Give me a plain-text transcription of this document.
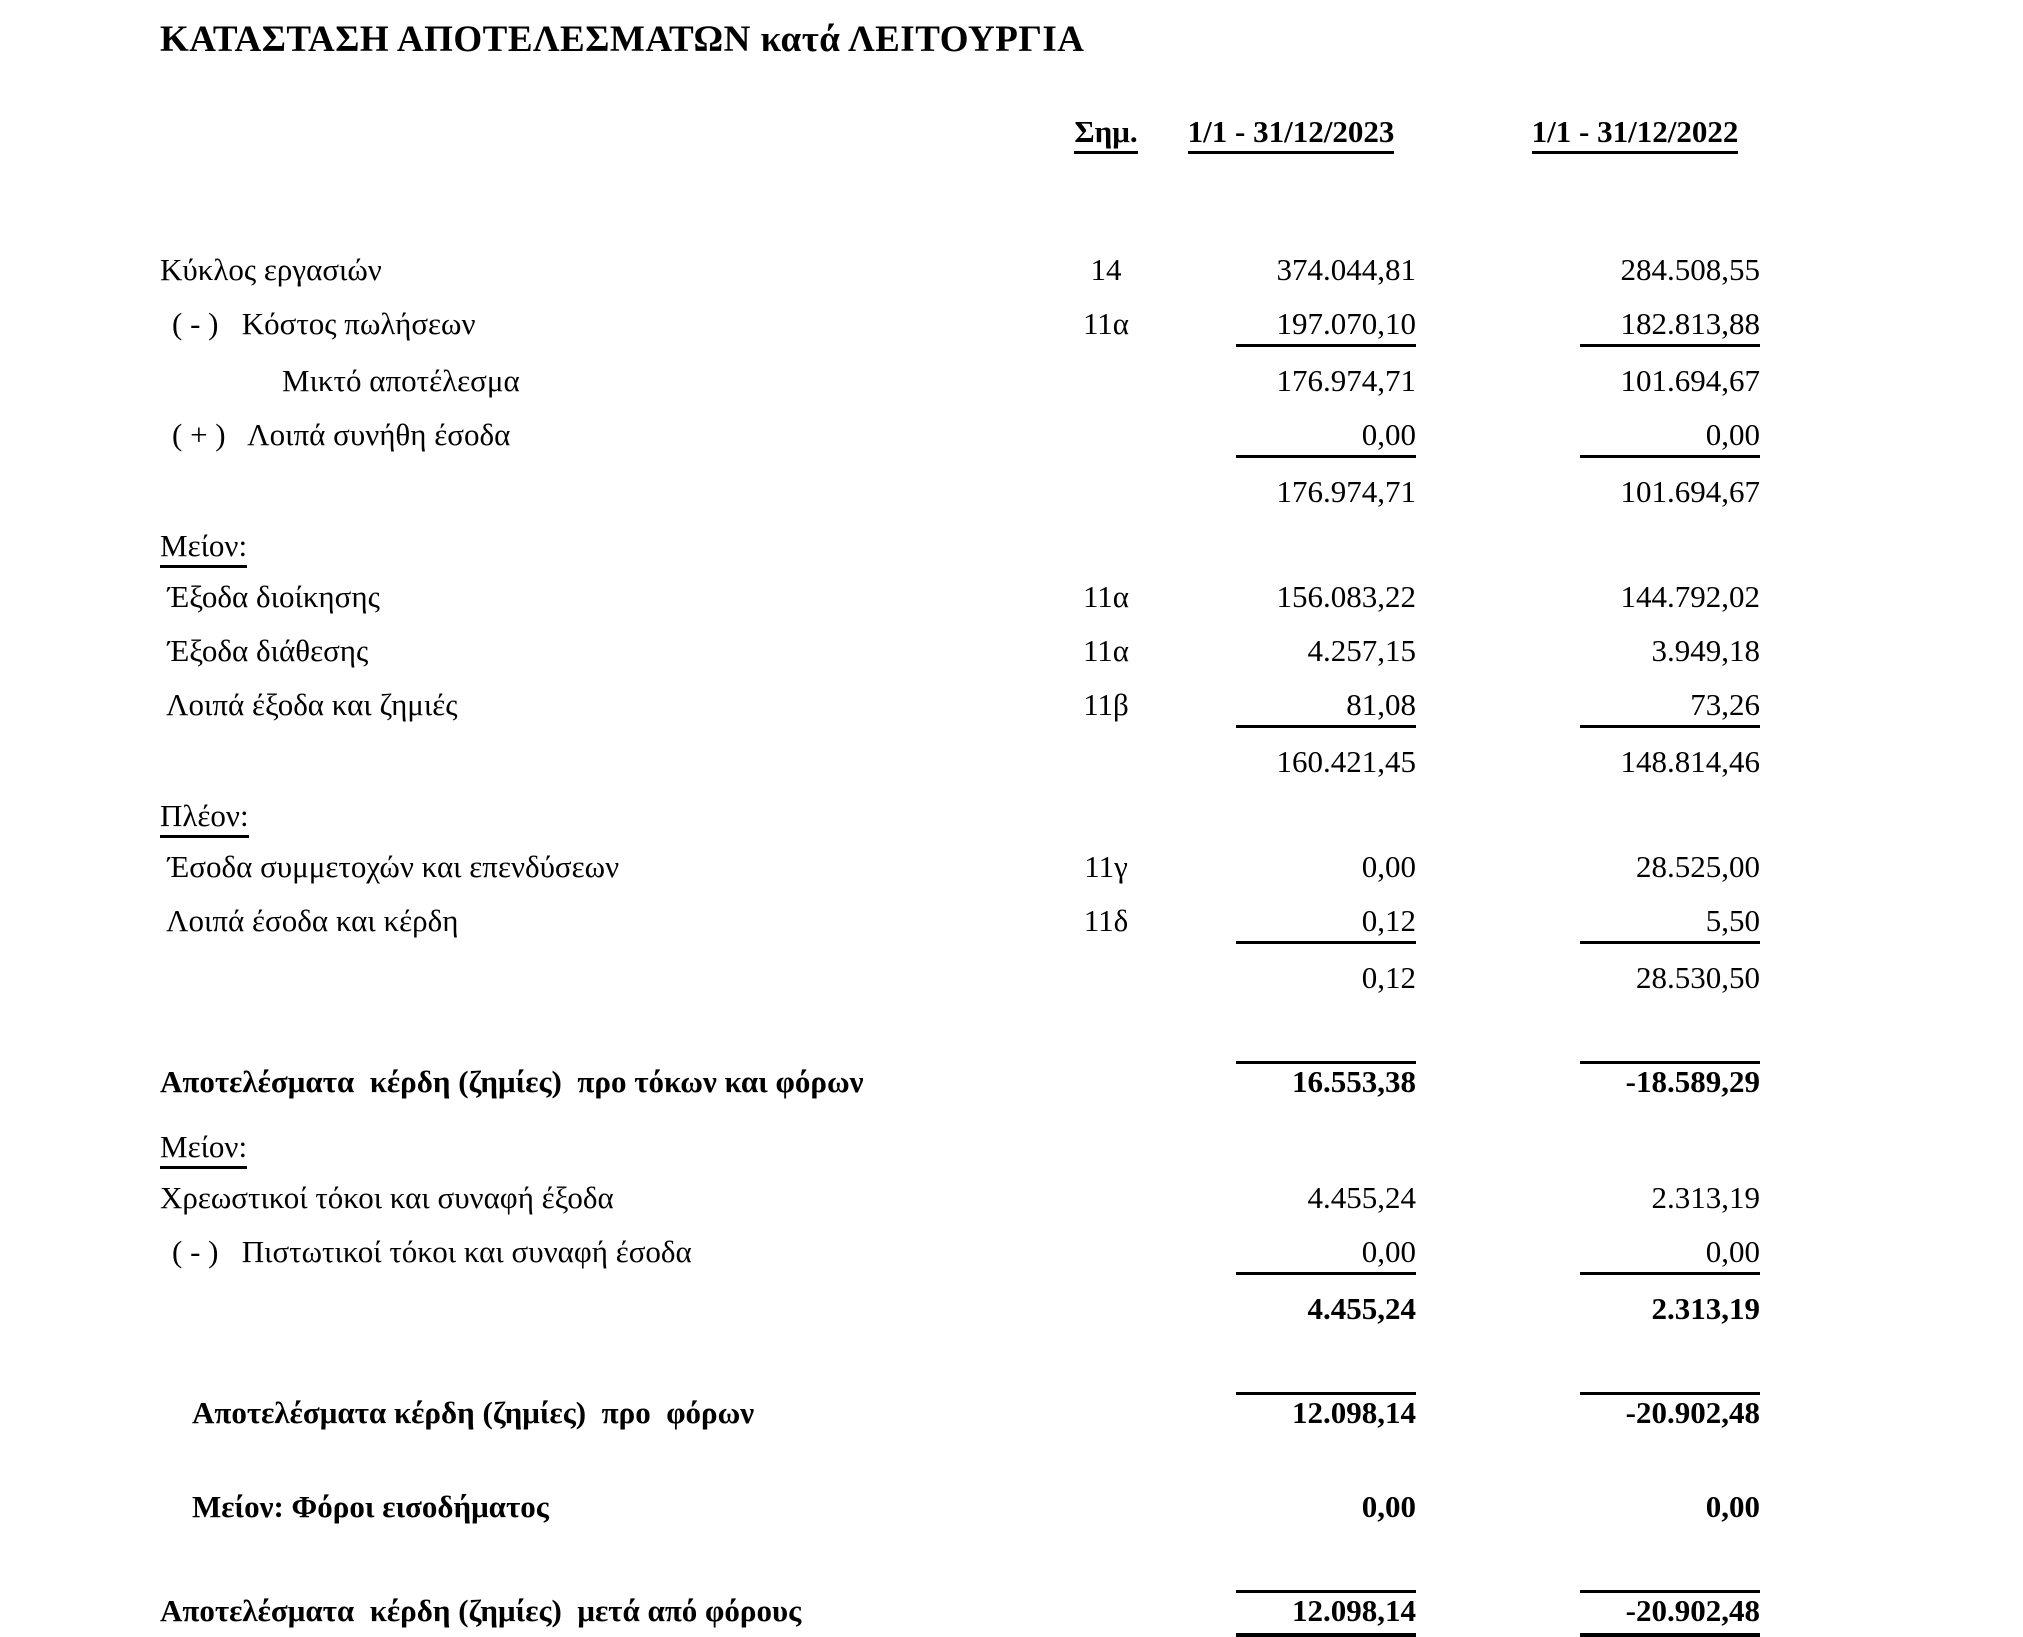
ΚΑΤΑΣΤΑΣΗ ΑΠΟΤΕΛΕΣΜΑΤΩΝ κατά ΛΕΙΤΟΥΡΓΙΑ
Σημ.	1/1 - 31/12/2023	1/1 - 31/12/2022
Κύκλος εργασιών	14	374.044,81	284.508,55
( - )   Κόστος πωλήσεων	11α	197.070,10	182.813,88
Μικτό αποτέλεσμα	176.974,71	101.694,67
( + )   Λοιπά συνήθη έσοδα	0,00	0,00
176.974,71	101.694,67
Μείον:
Έξοδα διοίκησης	11α	156.083,22	144.792,02
Έξοδα διάθεσης	11α	4.257,15	3.949,18
Λοιπά έξοδα και ζημιές	11β	81,08	73,26
160.421,45	148.814,46
Πλέον:
Έσοδα συμμετοχών και επενδύσεων	11γ	0,00	28.525,00
Λοιπά έσοδα και κέρδη	11δ	0,12	5,50
0,12	28.530,50
Αποτελέσματα  κέρδη (ζημίες)  προ τόκων και φόρων	16.553,38	-18.589,29
Μείον:
Χρεωστικοί τόκοι και συναφή έξοδα	4.455,24	2.313,19
( - )   Πιστωτικοί τόκοι και συναφή έσοδα	0,00	0,00
4.455,24	2.313,19
Αποτελέσματα κέρδη (ζημίες)  προ  φόρων	12.098,14	-20.902,48
Μείον: Φόροι εισοδήματος	0,00	0,00
Αποτελέσματα  κέρδη (ζημίες)  μετά από φόρους	12.098,14	-20.902,48
